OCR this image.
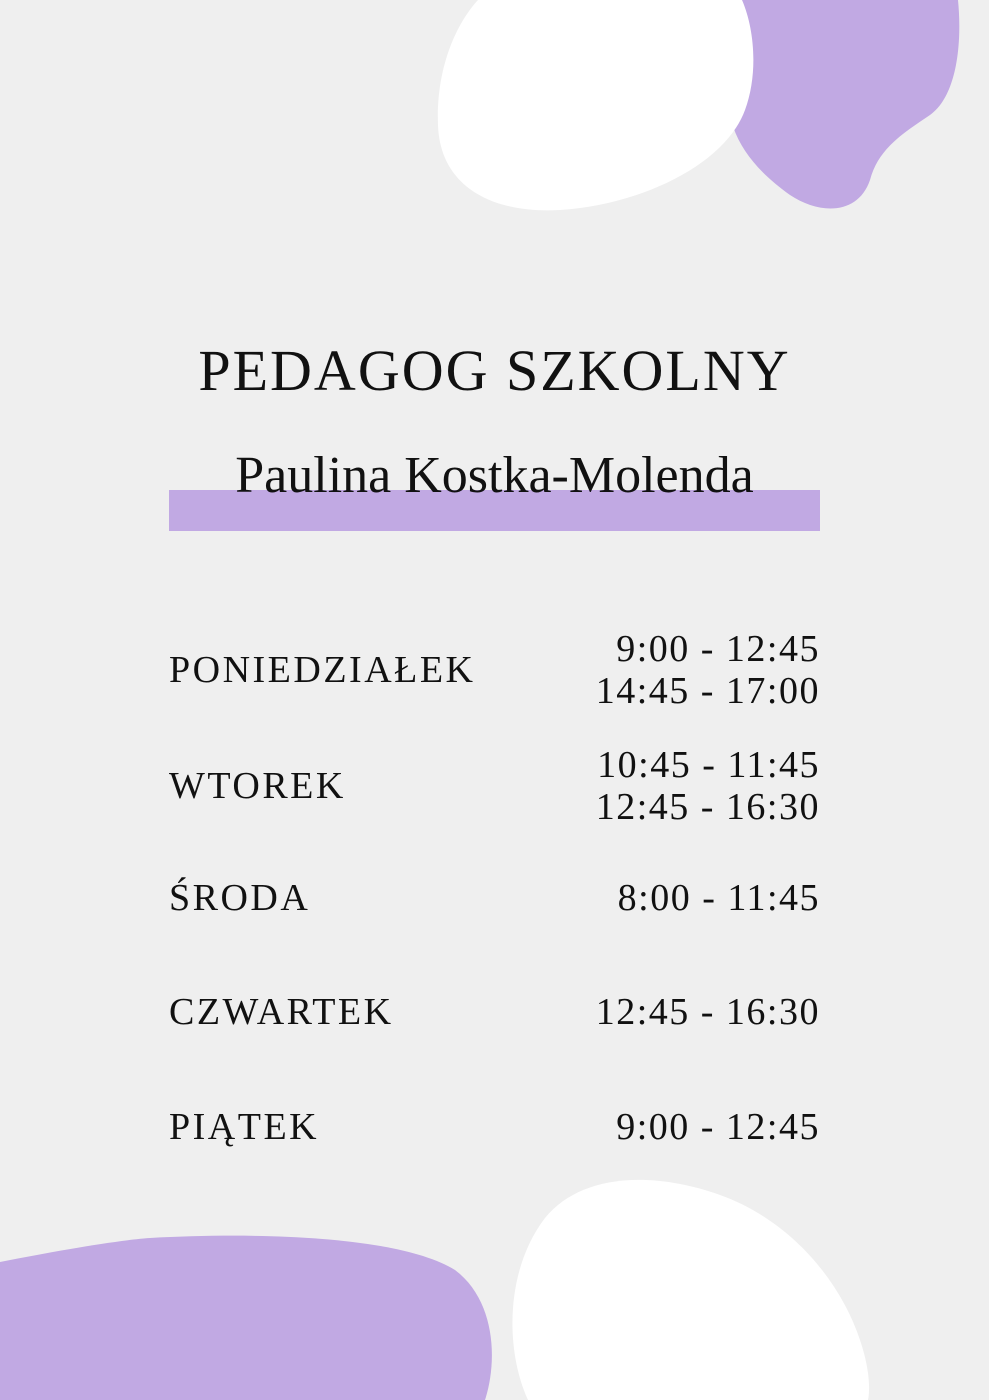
PEDAGOG SZKOLNY
Paulina Kostka-Molenda
PONIEDZIAŁEK	9:00 - 12:45
14:45 - 17:00
WTOREK	10:45 - 11:45
12:45 - 16:30
ŚRODA	8:00 - 11:45
CZWARTEK	12:45 - 16:30
PIĄTEK	9:00 - 12:45
